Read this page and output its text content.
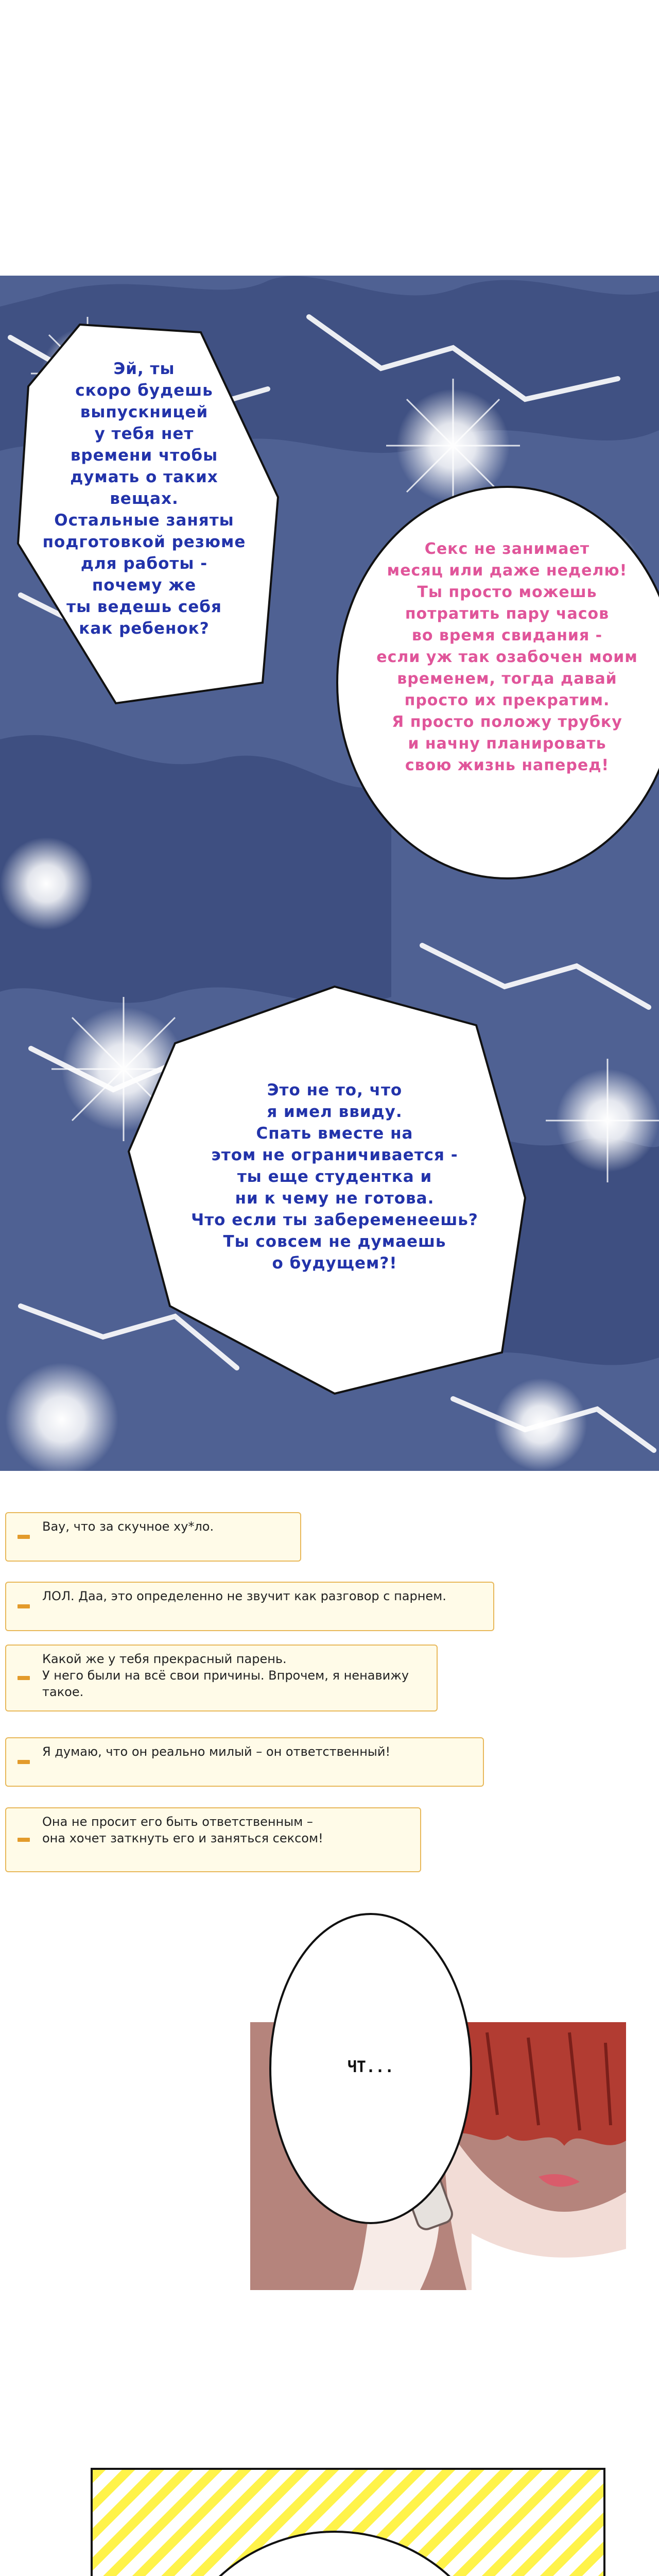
Эй, ты
скоро будешь
выпускницей
у тебя нет
времени чтобы
думать о таких
вещах.
Остальные заняты
подготовкой резюме
для работы -
почему же
ты ведешь себя
как ребенок?
Секс не занимает
месяц или даже неделю!
Ты просто можешь
потратить пару часов
во время свидания -
если уж так озабочен моим
временем, тогда давай
просто их прекратим.
Я просто положу трубку
и начну планировать
свою жизнь наперед!
Это не то, что
я имел ввиду.
Спать вместе на
этом не ограничивается -
ты еще студентка и
ни к чему не готова.
Что если ты забеременеешь?
Ты совсем не думаешь
о будущем?!
Вау, что за скучное ху*ло.
ЛОЛ. Даа, это определенно не звучит как разговор с парнем.
Какой же у тебя прекрасный парень.
У него были на всё свои причины. Впрочем, я ненавижу такое.
Я думаю, что он реально милый – он ответственный!
Она не просит его быть ответственным –
она хочет заткнуть его и заняться сексом!
ЧТ...
